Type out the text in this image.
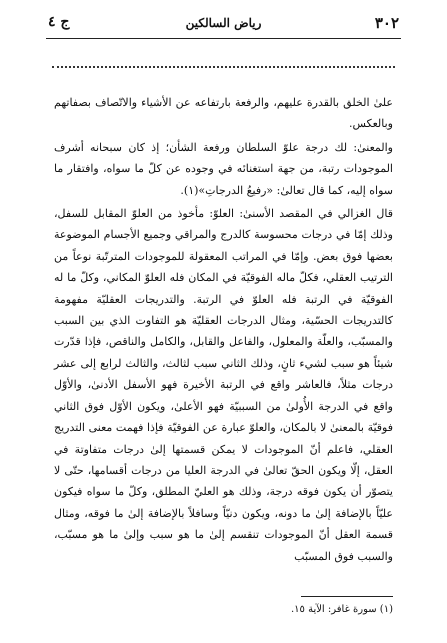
٣٠٢
رياض السالكين
ج ٤

علىٰ الخلق بالقدرة عليهم، والرفعة بارتفاعه عن الأشياء والاتّصاف بصفاتهم وبالعكس.

والمعنىٰ: لك درجة علوّ السلطان ورفعة الشأن؛ إذ كان سبحانه أشرف الموجودات رتبة، من جهة استغنائه في وجوده عن كلّ ما سواه، وافتقار ما سواه إليه، كما قال تعالىٰ: «رفيعُ الدرجاتِ»(١).

قال الغزالي في المقصد الأسنىٰ: العلوّ: مأخوذ من العلوّ المقابل للسفل، وذلك إمّا في درجات محسوسة كالدرج والمراقي وجميع الأجسام الموضوعة بعضها فوق بعض. وإمّا في المراتب المعقولة للموجودات المترتّبة نوعاً من الترتيب العقلي، فكلّ ماله الفوقيّة في المكان فله العلوّ المكاني، وكلّ ما له الفوقيّة في الرتبة فله العلوّ في الرتبة. والتدريجات العقليّة مفهومة كالتدريجات الحسّية، ومثال الدرجات العقليّة هو التفاوت الذي بين السبب والمسبّب، والعلّة والمعلول، والفاعل والقابل، والكامل والناقص، فإذا قدّرت شيئاً هو سبب لشيء ثانٍ، وذلك الثاني سبب لثالث، والثالث لرابع إلى عشر درجات مثلاً، فالعاشر واقع في الرتبة الأخيرة فهو الأسفل الأدنىٰ، والأوّل واقع في الدرجة الأُولىٰ من السببيّة فهو الأعلىٰ، ويكون الأوّل فوق الثاني فوقيّة بالمعنىٰ لا بالمكان، والعلوّ عبارة عن الفوقيّة فإذا فهمت معنى التدريج العقلي، فاعلم أنّ الموجودات لا يمكن قسمتها إلىٰ درجات متفاوتة في العقل، إلّا ويكون الحقّ تعالىٰ في الدرجة العليا من درجات أقسامها، حتّى لا يتصوّر أن يكون فوقه درجة، وذلك هو العليّ المطلق، وكلّ ما سواه فيكون عليّاً بالإضافة إلىٰ ما دونه، ويكون دنيّاً وسافلاً بالإضافة إلىٰ ما فوقه، ومثال قسمة العقل أنّ الموجودات تنقسم إلىٰ ما هو سبب وإلىٰ ما هو مسبّب، والسبب فوق المسبّب

(١) سورة غافر: الآية ١٥.
